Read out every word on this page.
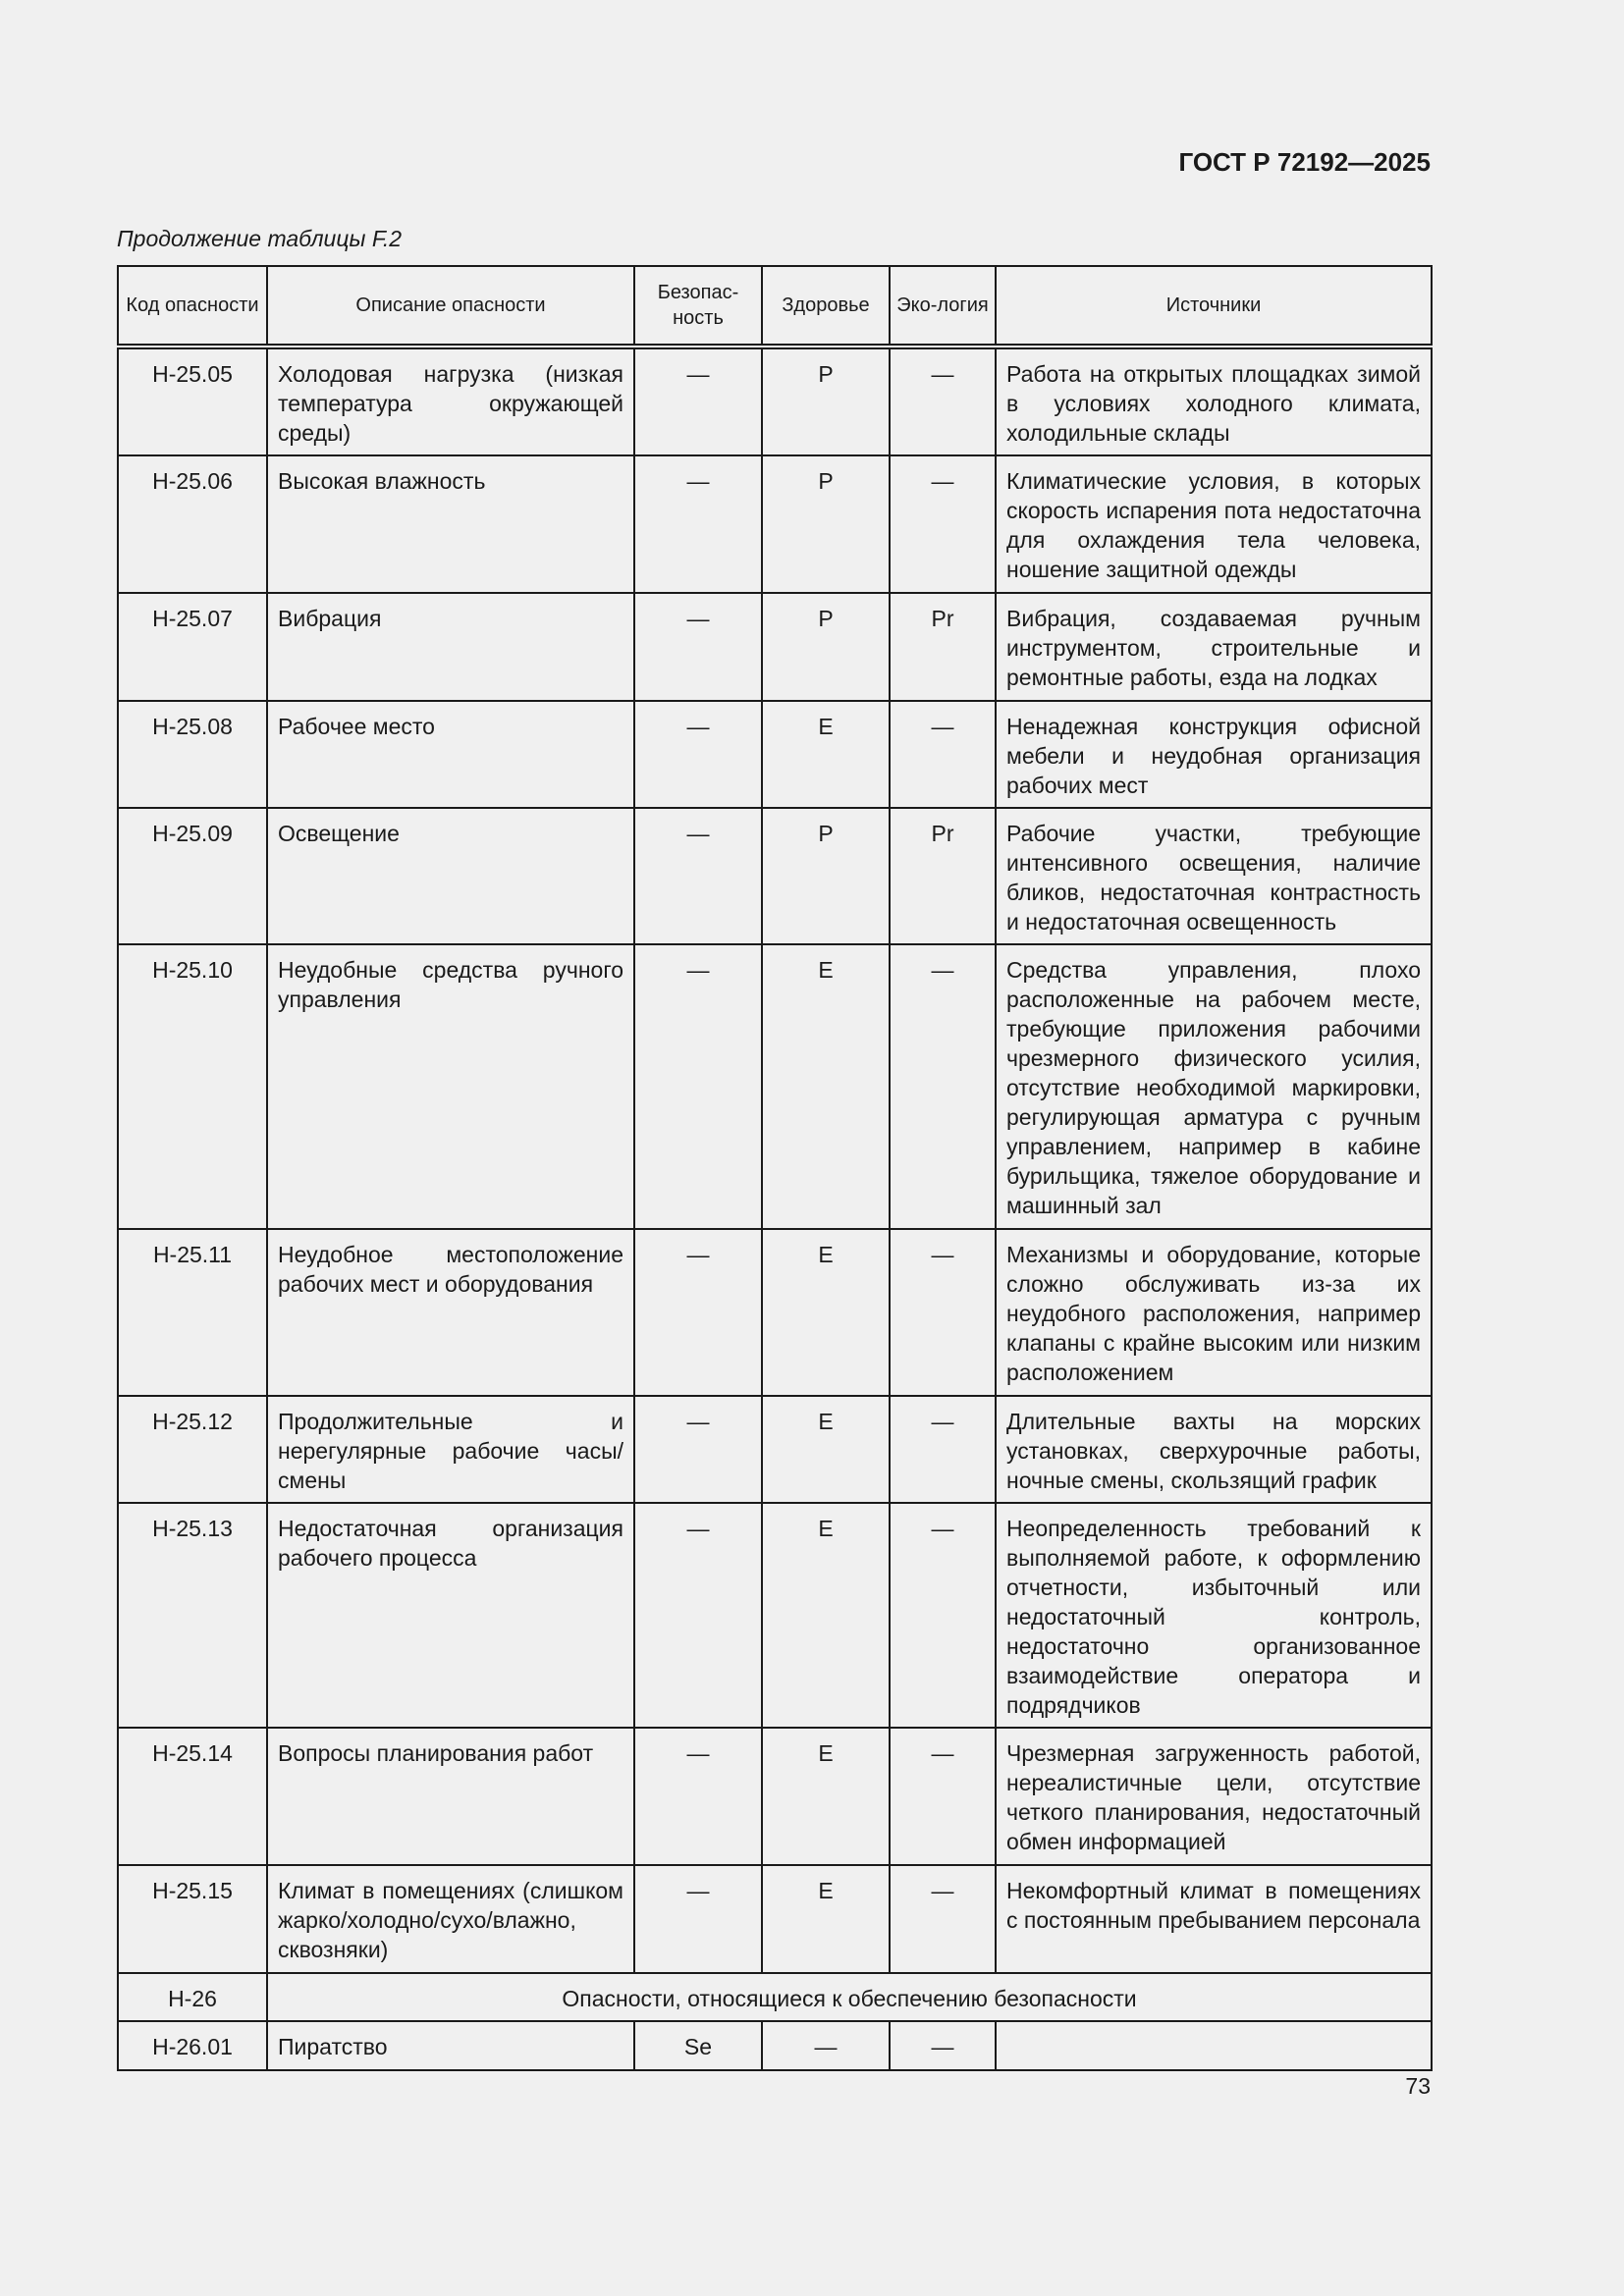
ГОСТ Р 72192—2025
Продолжение таблицы F.2
Код опасности	Описание опасности	Безопас-ность	Здоровье	Эко-логия	Источники
Н-25.05	Холодовая нагрузка (низкая температура окружающей среды)	—	Р	—	Работа на открытых площадках зимой в условиях холодного климата, холодильные склады
Н-25.06	Высокая влажность	—	Р	—	Климатические условия, в которых скорость испарения пота недостаточна для охлаждения тела человека, ношение защитной одежды
Н-25.07	Вибрация	—	Р	Pr	Вибрация, создаваемая ручным инструментом, строительные и ремонтные работы, езда на лодках
Н-25.08	Рабочее место	—	Е	—	Ненадежная конструкция офисной мебели и неудобная организация рабочих мест
Н-25.09	Освещение	—	Р	Pr	Рабочие участки, требующие интенсивного освещения, наличие бликов, недостаточная контрастность и недостаточная освещенность
Н-25.10	Неудобные средства ручного управления	—	Е	—	Средства управления, плохо расположенные на рабочем месте, требующие приложения рабочими чрезмерного физического усилия, отсутствие необходимой маркировки, регулирующая арматура с ручным управлением, например в кабине бурильщика, тяжелое оборудование и машинный зал
Н-25.11	Неудобное местоположение рабочих мест и оборудования	—	Е	—	Механизмы и оборудование, которые сложно обслуживать из-за их неудобного расположения, например клапаны с крайне высоким или низким расположением
Н-25.12	Продолжительные и нерегулярные рабочие часы/смены	—	Е	—	Длительные вахты на морских установках, сверхурочные работы, ночные смены, скользящий график
Н-25.13	Недостаточная организация рабочего процесса	—	Е	—	Неопределенность требований к выполняемой работе, к оформлению отчетности, избыточный или недостаточный контроль, недостаточно организованное взаимодействие оператора и подрядчиков
Н-25.14	Вопросы планирования работ	—	Е	—	Чрезмерная загруженность работой, нереалистичные цели, отсутствие четкого планирования, недостаточный обмен информацией
Н-25.15	Климат в помещениях (слишком жарко/холодно/сухо/влажно, сквозняки)	—	Е	—	Некомфортный климат в помещениях с постоянным пребыванием персонала
Н-26	Опасности, относящиеся к обеспечению безопасности				
Н-26.01	Пиратство	Se	—	—	
73
